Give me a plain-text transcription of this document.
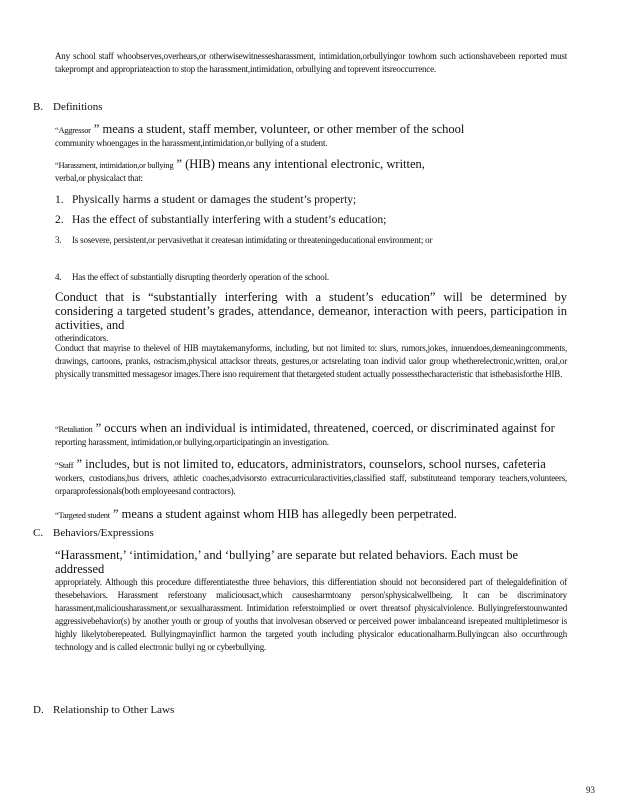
Any school staff whoobserves,overhears,or otherwisewitnessesharassment, intimidation,orbullyingor towhom such actionshavebeen reported must takeprompt and appropriateaction to stop the harassment,intimidation, orbullying and toprevent itsreoccurrence.

B. Definitions

“Aggressor ” means a student, staff member, volunteer, or other member of the school
community whoengages in the harassment,intimidation,or bullying of a student.
“Harassment, intimidation,or bullying ” (HIB) means any intentional electronic, written,
verbal,or physicalact that:
1. Physically harms a student or damages the student’s property;
2. Has the effect of substantially interfering with a student’s education;
3.	Is sosevere, persistent,or pervasivethat it createsan intimidating or threateningeducational environment; or
4. Has the effect of substantially disrupting theorderly operation of the school.
Conduct that is “substantially interfering with a student’s education” will be determined by considering a targeted student’s grades, attendance, demeanor, interaction with peers, participation in activities, and
otherindicators.

Conduct that mayrise to thelevel of HIB maytakemanyforms, including, but not limited to: slurs, rumors,jokes, innuendoes,demeaningcomments, drawings, cartoons, pranks, ostracism,physical attacksor threats, gestures,or actsrelating toan individ ualor group whetherelectronic,written, oral,or physically transmitted messagesor images.There isno requirement that thetargeted student actually possessthecharacteristic that isthebasisforthe HIB.

“Retaliation ” occurs when an individual is intimidated, threatened, coerced, or discriminated against for
reporting harassment, intimidation,or bullying,orparticipatingin an investigation.
“Staff ” includes, but is not limited to, educators, administrators, counselors, school nurses, cafeteria
workers, custodians,bus drivers, athletic coaches,advisorsto extracurricularactivities,classified staff, substituteand temporary teachers,volunteers, orparaprofessionals(both employeesand contractors).
“Targeted student ” means a student against whom HIB has allegedly been perpetrated.

C. Behaviors/Expressions

“Harassment,’ ‘intimidation,’ and ‘bullying’ are separate but related behaviors. Each must be addressed
appropriately. Although this procedure differentiatesthe three behaviors, this differentiation should not beconsidered part of thelegaldefinition of thesebehaviors. Harassment referstoany maliciousact,which causesharmtoany person'sphysicalwellbeing. It can be discriminatory harassment,maliciousharassment,or sexualharassment. Intimidation referstoimplied or overt threatsof physicalviolence. Bullyingreferstounwanted aggressivebehavior(s) by another youth or group of youths that involvesan observed or perceived power imbalanceand isrepeated multipletimesor is highly likelytoberepeated. Bullyingmayinflict harmon the targeted youth including physicalor educationalharm.Bullyingcan also occurthrough technology and is called electronic bullyi ng or cyberbullying.

D. Relationship to Other Laws

93
